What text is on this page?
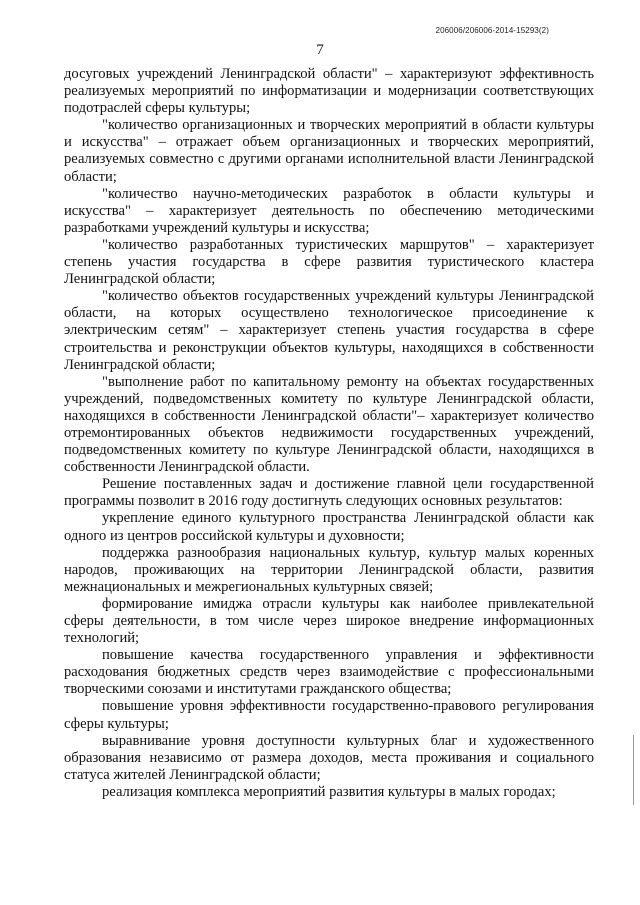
206006/206006-2014-15293(2)
7

досуговых учреждений Ленинградской области" – характеризуют эффективность реализуемых мероприятий по информатизации и модернизации соответствующих подотраслей сферы культуры;

"количество организационных и творческих мероприятий в области культуры и искусства" – отражает объем организационных и творческих мероприятий, реализуемых совместно с другими органами исполнительной власти Ленинградской области;

"количество научно-методических разработок в области культуры и искусства" – характеризует деятельность по обеспечению методическими разработками учреждений культуры и искусства;

"количество разработанных туристических маршрутов" – характеризует степень участия государства в сфере развития туристического кластера Ленинградской области;

"количество объектов государственных учреждений культуры Ленинградской области, на которых осуществлено технологическое присоединение к электрическим сетям" – характеризует степень участия государства в сфере строительства и реконструкции объектов культуры, находящихся в собственности Ленинградской области;

"выполнение работ по капитальному ремонту на объектах государственных учреждений, подведомственных комитету по культуре Ленинградской области, находящихся в собственности Ленинградской области"– характеризует количество отремонтированных объектов недвижимости государственных учреждений, подведомственных комитету по культуре Ленинградской области, находящихся в собственности Ленинградской области.

Решение поставленных задач и достижение главной цели государственной программы позволит в 2016 году достигнуть следующих основных результатов:

укрепление единого культурного пространства Ленинградской области как одного из центров российской культуры и духовности;

поддержка разнообразия национальных культур, культур малых коренных народов, проживающих на территории Ленинградской области, развития межнациональных и межрегиональных культурных связей;

формирование имиджа отрасли культуры как наиболее привлекательной сферы деятельности, в том числе через широкое внедрение информационных технологий;

повышение качества государственного управления и эффективности расходования бюджетных средств через взаимодействие с профессиональными творческими союзами и институтами гражданского общества;

повышение уровня эффективности государственно-правового регулирования сферы культуры;

выравнивание уровня доступности культурных благ и художественного образования независимо от размера доходов, места проживания и социального статуса жителей Ленинградской области;

реализация комплекса мероприятий развития культуры в малых городах;
